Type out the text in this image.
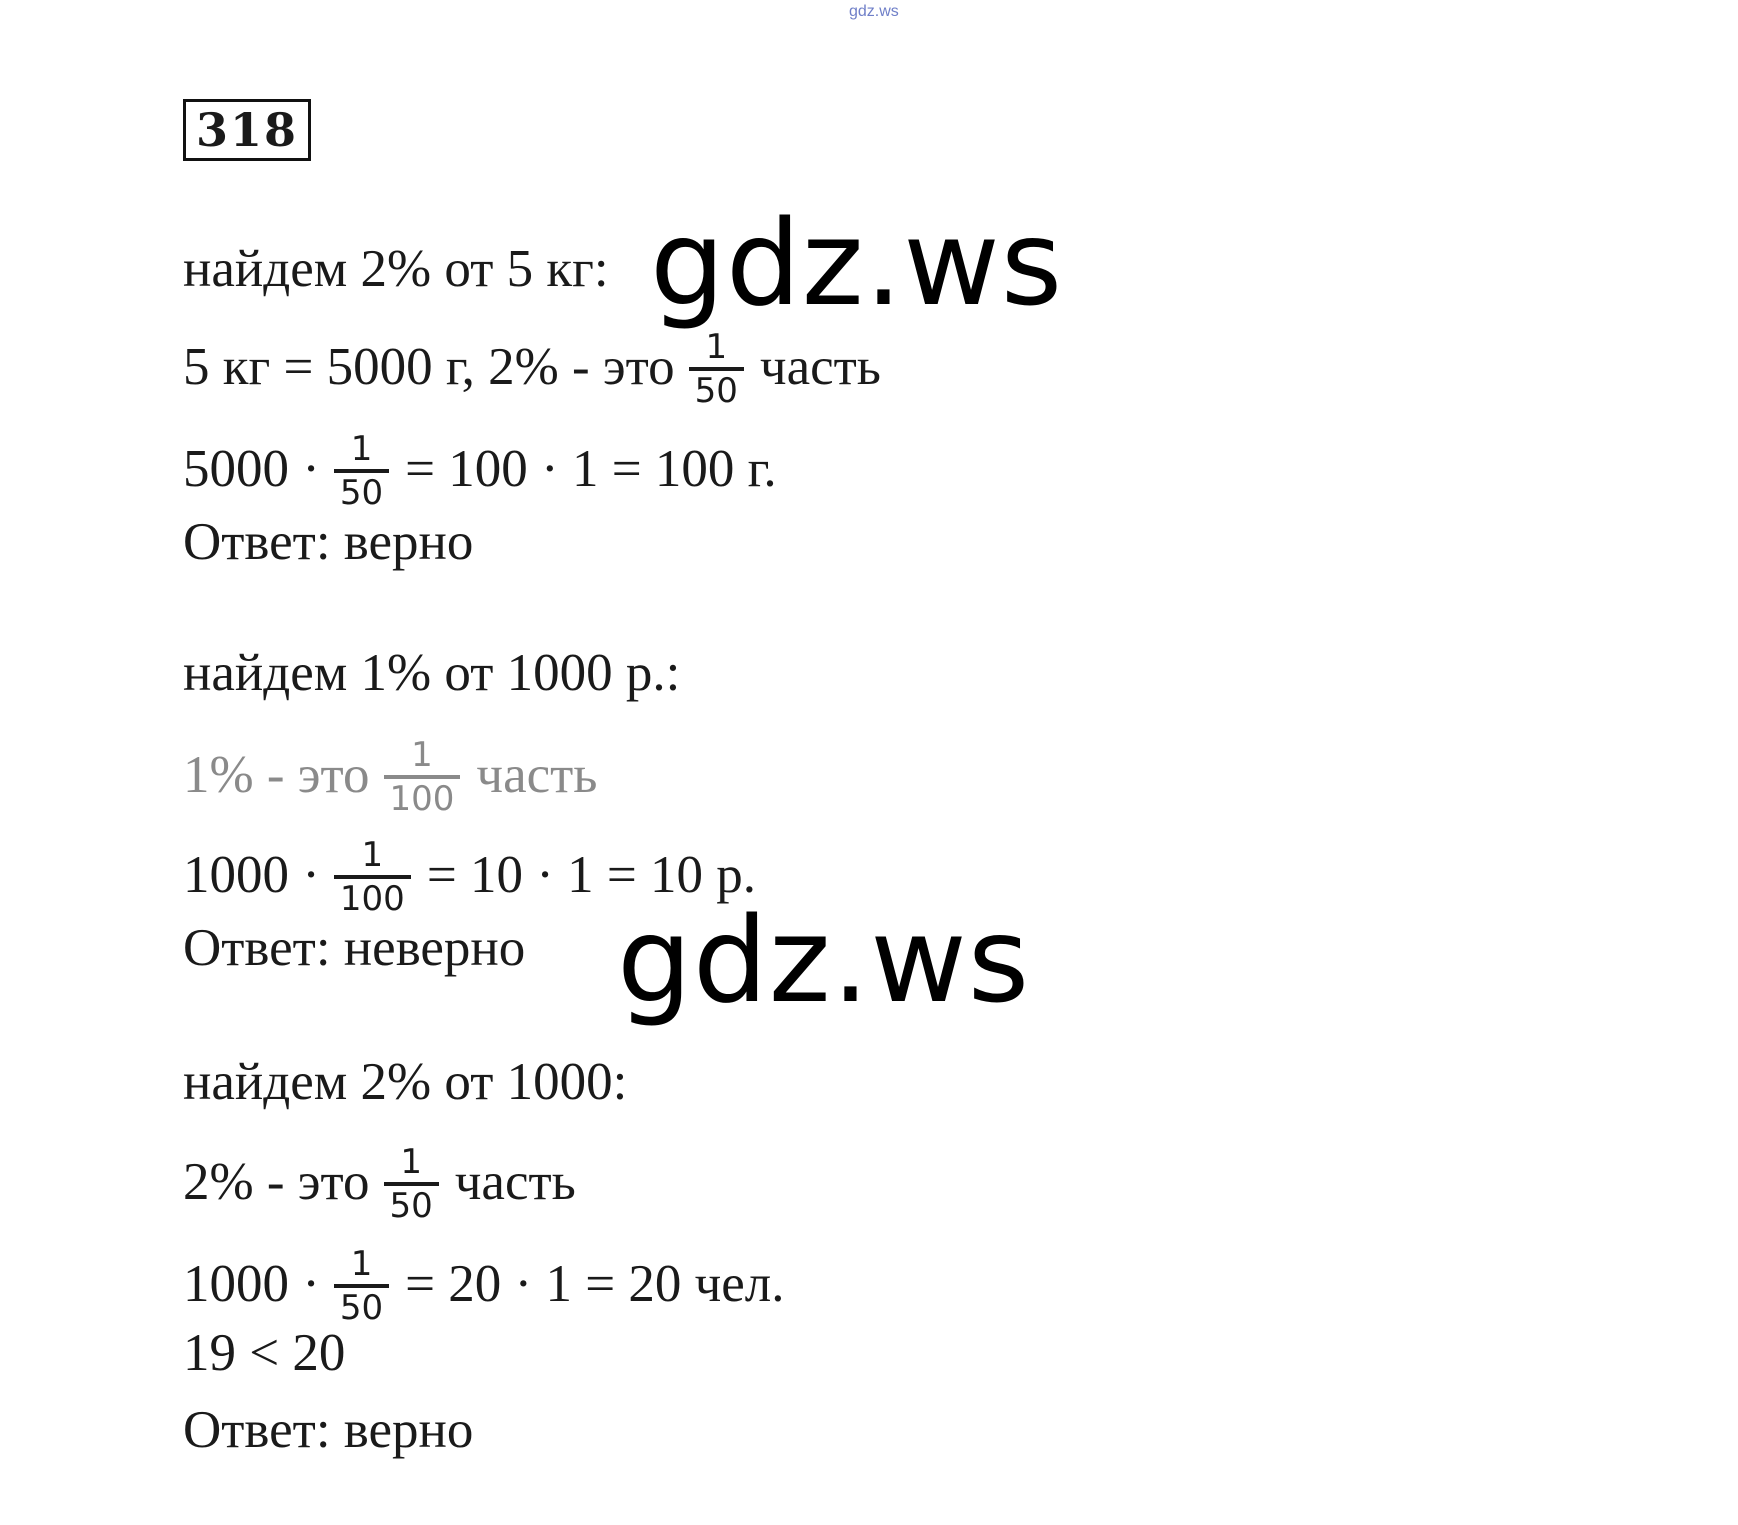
gdz.ws
318
найдем 2% от 5 кг:
5 кг = 5000 г, 2% - это $\frac{1}{50}$ часть
$5000 \cdot \frac{1}{50} = 100 \cdot 1 = 100$ г.
Ответ: верно
найдем 1% от 1000 р.:
1% - это $\frac{1}{100}$ часть
$1000 \cdot \frac{1}{100} = 10 \cdot 1 = 10$ р.
Ответ: неверно
найдем 2% от 1000:
2% - это $\frac{1}{50}$ часть
$1000 \cdot \frac{1}{50} = 20 \cdot 1 = 20$ чел.
19 < 20
Ответ: верно
gdz.ws
gdz.ws
